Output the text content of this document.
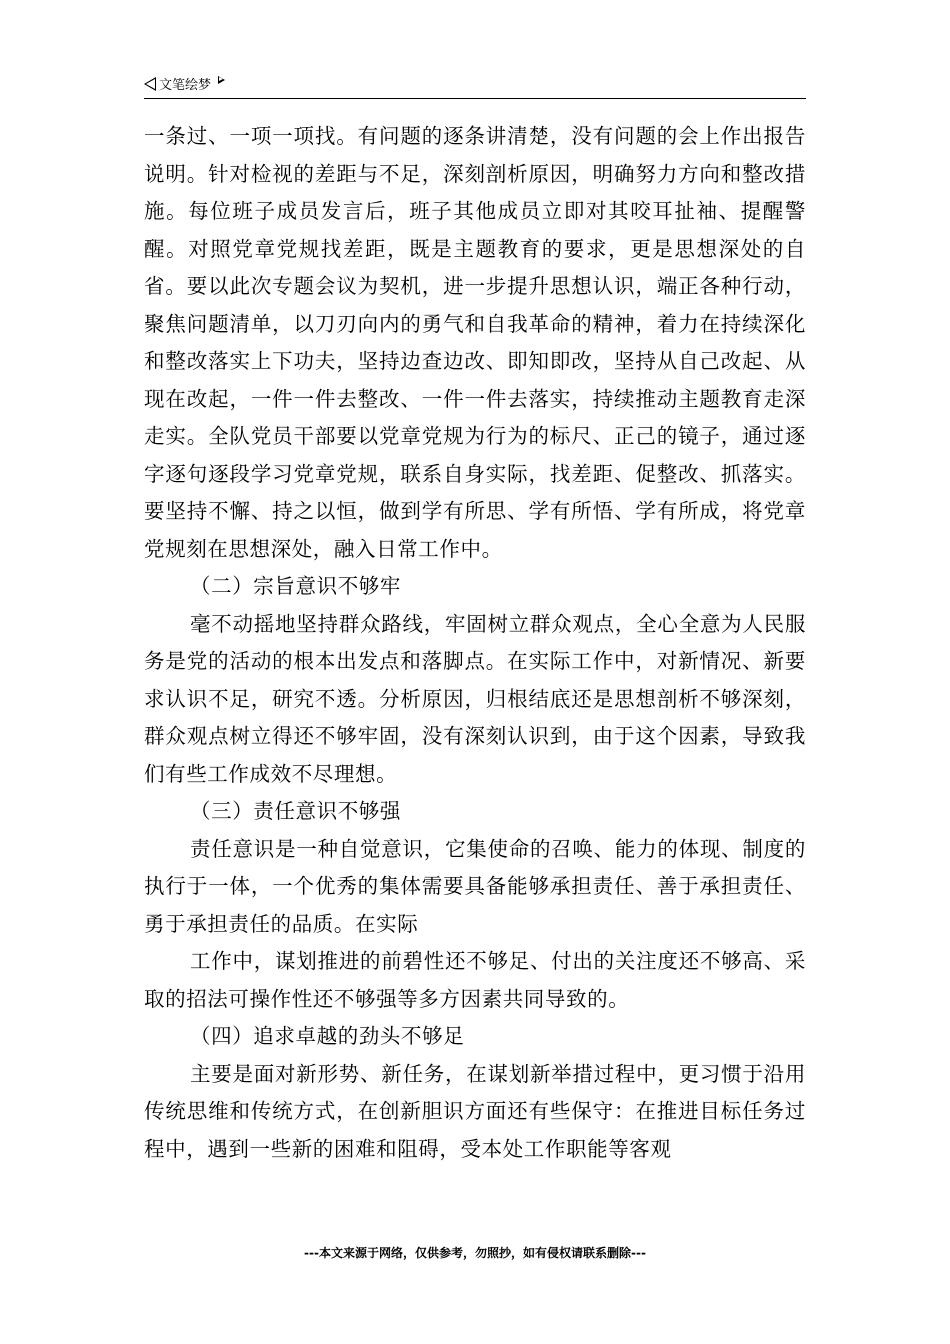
文笔绘梦

一条过、一项一项找。有问题的逐条讲清楚，没有问题的会上作出报告说明。针对检视的差距与不足，深刻剖析原因，明确努力方向和整改措施。每位班子成员发言后，班子其他成员立即对其咬耳扯袖、提醒警醒。对照党章党规找差距，既是主题教育的要求，更是思想深处的自省。要以此次专题会议为契机，进一步提升思想认识，端正各种行动，聚焦问题清单，以刀刃向内的勇气和自我革命的精神，着力在持续深化和整改落实上下功夫，坚持边查边改、即知即改，坚持从自己改起、从现在改起，一件一件去整改、一件一件去落实，持续推动主题教育走深走实。全队党员干部要以党章党规为行为的标尺、正己的镜子，通过逐字逐句逐段学习党章党规，联系自身实际，找差距、促整改、抓落实。要坚持不懈、持之以恒，做到学有所思、学有所悟、学有所成，将党章党规刻在思想深处，融入日常工作中。

（二）宗旨意识不够牢

毫不动摇地坚持群众路线，牢固树立群众观点，全心全意为人民服务是党的活动的根本出发点和落脚点。在实际工作中，对新情况、新要求认识不足，研究不透。分析原因，归根结底还是思想剖析不够深刻，群众观点树立得还不够牢固，没有深刻认识到，由于这个因素，导致我们有些工作成效不尽理想。

（三）责任意识不够强

责任意识是一种自觉意识，它集使命的召唤、能力的体现、制度的执行于一体，一个优秀的集体需要具备能够承担责任、善于承担责任、勇于承担责任的品质。在实际

工作中，谋划推进的前碧性还不够足、付出的关注度还不够高、采取的招法可操作性还不够强等多方因素共同导致的。

（四）追求卓越的劲头不够足

主要是面对新形势、新任务，在谋划新举措过程中，更习惯于沿用传统思维和传统方式，在创新胆识方面还有些保守：在推进目标任务过程中，遇到一些新的困难和阻碍，受本处工作职能等客观

---本文来源于网络，仅供参考，勿照抄，如有侵权请联系删除---
